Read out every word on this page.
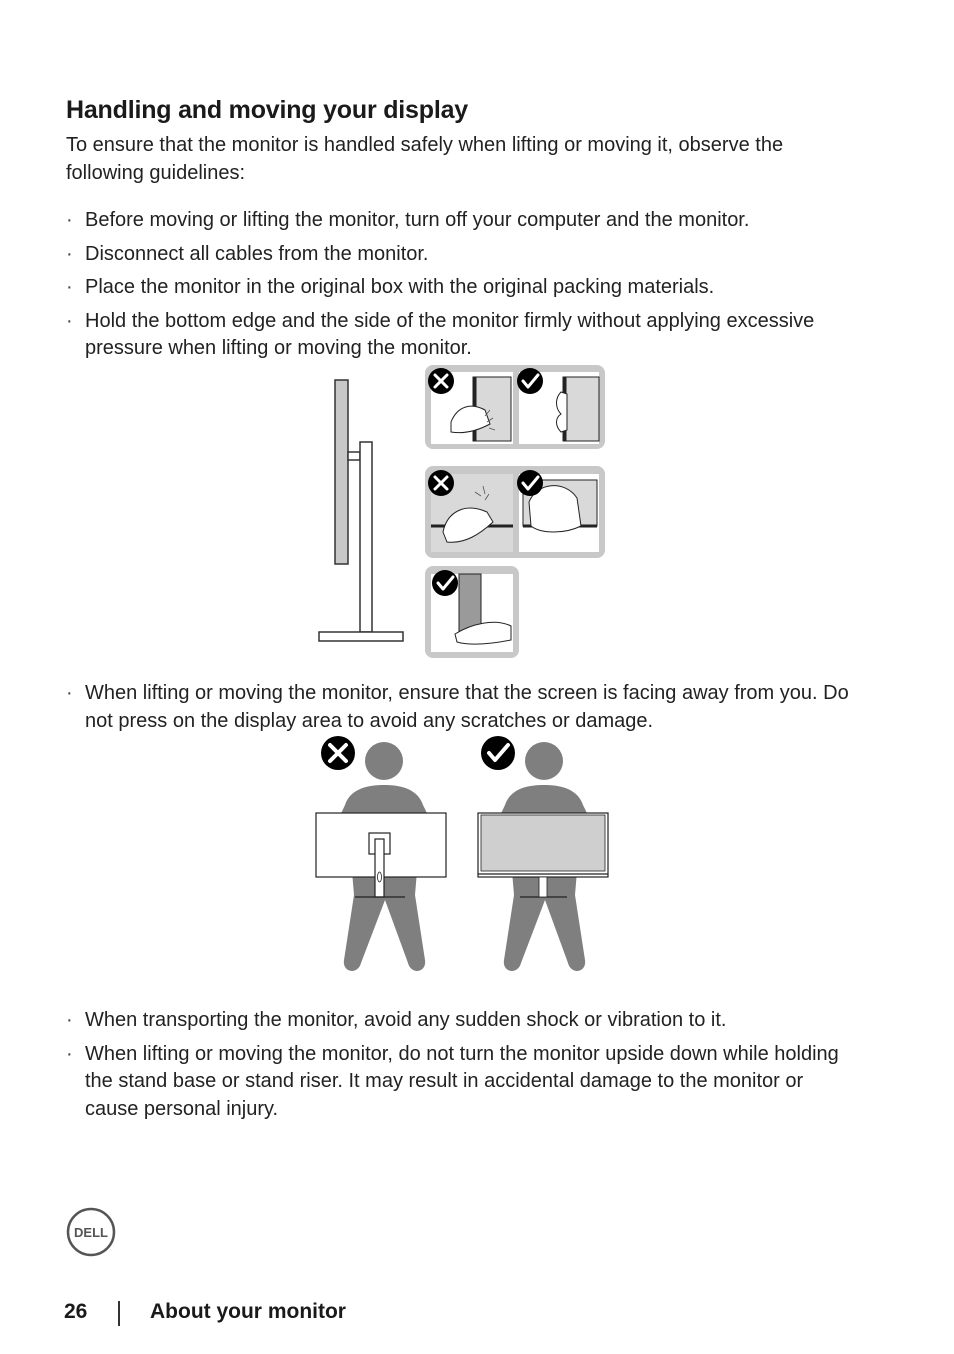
Handling and moving your display

To ensure that the monitor is handled safely when lifting or moving it, observe the following guidelines:

· Before moving or lifting the monitor, turn off your computer and the monitor.
· Disconnect all cables from the monitor.
· Place the monitor in the original box with the original packing materials.
· Hold the bottom edge and the side of the monitor firmly without applying excessive pressure when lifting or moving the monitor.
· When lifting or moving the monitor, ensure that the screen is facing away from you. Do not press on the display area to avoid any scratches or damage.
· When transporting the monitor, avoid any sudden shock or vibration to it.
· When lifting or moving the monitor, do not turn the monitor upside down while holding the stand base or stand riser. It may result in accidental damage to the monitor or cause personal injury.
DELL
26	About your monitor
